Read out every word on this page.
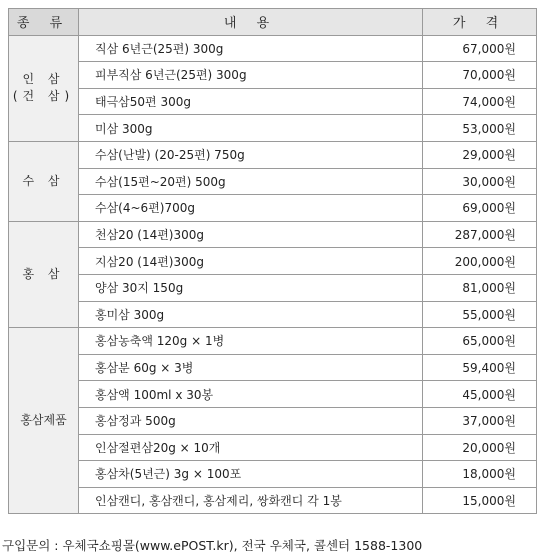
종 류	내 용	가 격
인 삼
(건 삼)	직삼 6년근(25편) 300g	67,000원
	피부직삼 6년근(25편) 300g	70,000원
	태극삼50편 300g	74,000원
	미삼 300g	53,000원
수 삼	수삼(난발) (20-25편) 750g	29,000원
	수삼(15편~20편) 500g	30,000원
	수삼(4~6편)700g	69,000원
홍 삼	천삼20 (14편)300g	287,000원
	지삼20 (14편)300g	200,000원
	양삼 30지 150g	81,000원
	홍미삼 300g	55,000원
홍삼제품	홍삼농축액 120g × 1병	65,000원
	홍삼분 60g × 3병	59,400원
	홍삼액 100ml x 30봉	45,000원
	홍삼정과 500g	37,000원
	인삼절편삼20g × 10개	20,000원
	홍삼차(5년근) 3g × 100포	18,000원
	인삼캔디, 홍삼캔디, 홍삼제리, 쌍화캔디 각 1봉	15,000원
구입문의 : 우체국쇼핑몰(www.ePOST.kr), 전국 우체국, 콜센터 1588-1300
